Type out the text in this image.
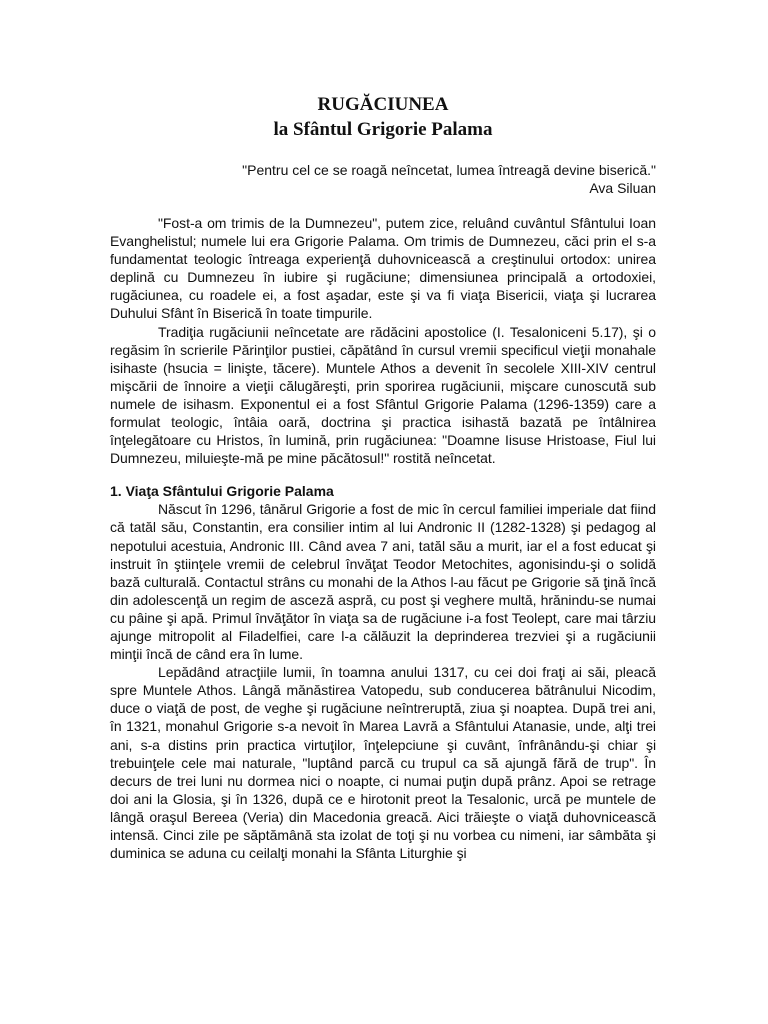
RUGĂCIUNEA
la Sfântul Grigorie Palama
"Pentru cel ce se roagă neîncetat, lumea întreagă devine biserică."
Ava Siluan

"Fost-a om trimis de la Dumnezeu", putem zice, reluând cuvântul Sfântului Ioan Evanghelistul; numele lui era Grigorie Palama. Om trimis de Dumnezeu, căci prin el s-a fundamentat teologic întreaga experienţă duhovnicească a creştinului ortodox: unirea deplină cu Dumnezeu în iubire şi rugăciune; dimensiunea principală a ortodoxiei, rugăciunea, cu roadele ei, a fost aşadar, este şi va fi viaţa Bisericii, viaţa şi lucrarea Duhului Sfânt în Biserică în toate timpurile.

Tradiţia rugăciunii neîncetate are rădăcini apostolice (I. Tesaloniceni 5.17), şi o regăsim în scrierile Părinţilor pustiei, căpătând în cursul vremii specificul vieţii monahale isihaste (hsucia = linişte, tăcere). Muntele Athos a devenit în secolele XIII-XIV centrul mişcării de înnoire a vieţii călugăreşti, prin sporirea rugăciunii, mişcare cunoscută sub numele de isihasm. Exponentul ei a fost Sfântul Grigorie Palama (1296-1359) care a formulat teologic, întâia oară, doctrina şi practica isihastă bazată pe întâlnirea înţelegătoare cu Hristos, în lumină, prin rugăciunea: "Doamne Iisuse Hristoase, Fiul lui Dumnezeu, miluieşte-mă pe mine păcătosul!" rostită neîncetat.

1. Viaţa Sfântului Grigorie Palama

Născut în 1296, tânărul Grigorie a fost de mic în cercul familiei imperiale dat fiind că tatăl său, Constantin, era consilier intim al lui Andronic II (1282-1328) şi pedagog al nepotului acestuia, Andronic III. Când avea 7 ani, tatăl său a murit, iar el a fost educat şi instruit în ştiinţele vremii de celebrul învăţat Teodor Metochites, agonisindu-şi o solidă bază culturală. Contactul strâns cu monahi de la Athos l-au făcut pe Grigorie să ţină încă din adolescenţă un regim de asceză aspră, cu post şi veghere multă, hrănindu-se numai cu pâine şi apă. Primul învăţător în viaţa sa de rugăciune i-a fost Teolept, care mai târziu ajunge mitropolit al Filadelfiei, care l-a călăuzit la deprinderea trezviei şi a rugăciunii minţii încă de când era în lume.

Lepădând atracţiile lumii, în toamna anului 1317, cu cei doi fraţi ai săi, pleacă spre Muntele Athos. Lângă mănăstirea Vatopedu, sub conducerea bătrânului Nicodim, duce o viaţă de post, de veghe şi rugăciune neîntreruptă, ziua şi noaptea. După trei ani, în 1321, monahul Grigorie s-a nevoit în Marea Lavră a Sfântului Atanasie, unde, alţi trei ani, s-a distins prin practica virtuţilor, înţelepciune şi cuvânt, înfrânându-şi chiar şi trebuinţele cele mai naturale, "luptând parcă cu trupul ca să ajungă fără de trup". În decurs de trei luni nu dormea nici o noapte, ci numai puţin după prânz. Apoi se retrage doi ani la Glosia, şi în 1326, după ce e hirotonit preot la Tesalonic, urcă pe muntele de lângă oraşul Bereea (Veria) din Macedonia greacă. Aici trăieşte o viaţă duhovnicească intensă. Cinci zile pe săptămână sta izolat de toţi şi nu vorbea cu nimeni, iar sâmbăta şi duminica se aduna cu ceilalţi monahi la Sfânta Liturghie şi
